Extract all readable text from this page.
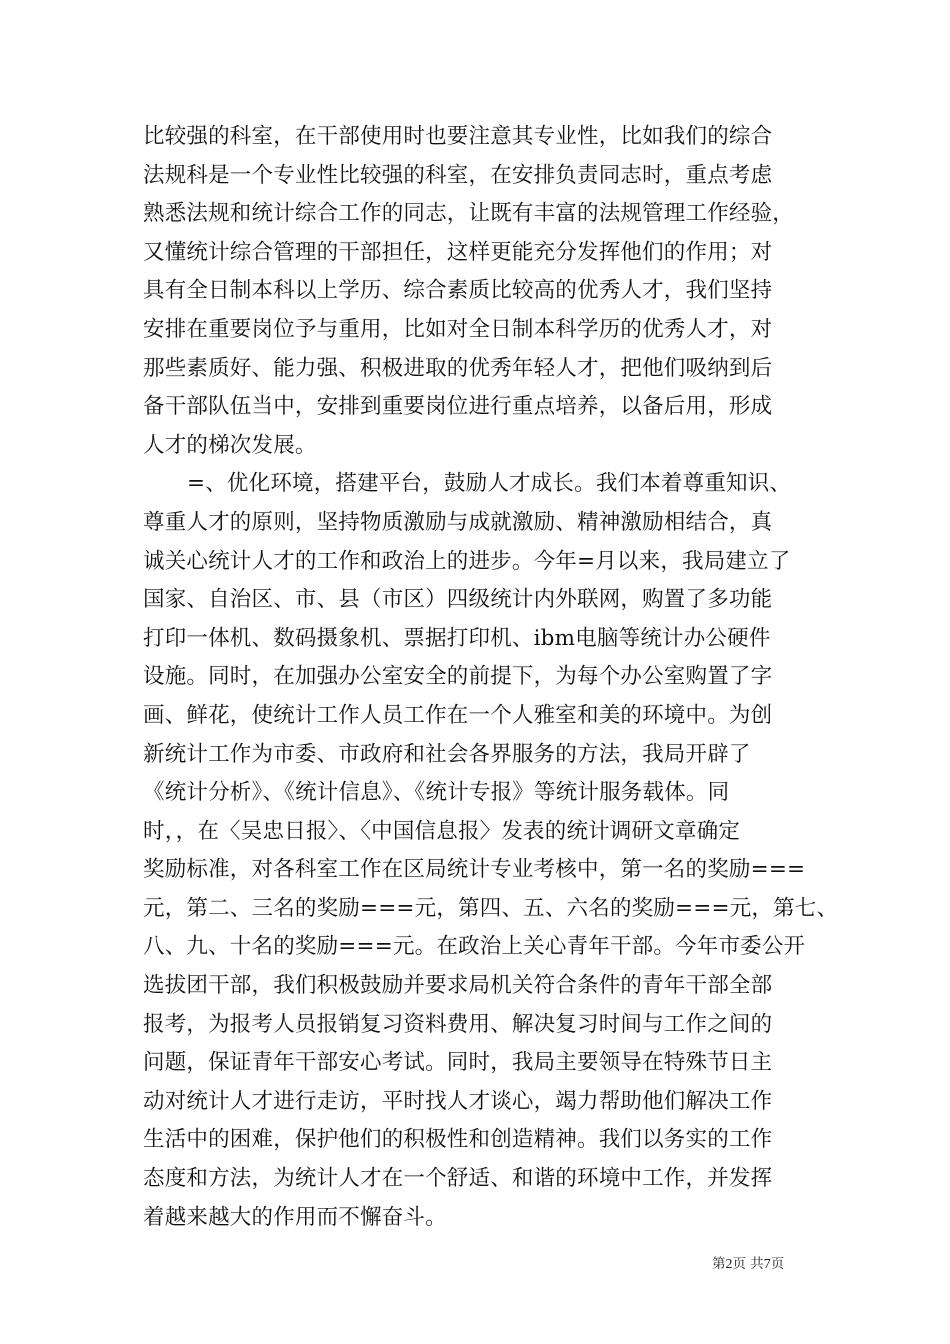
比较强的科室，在干部使用时也要注意其专业性，比如我们的综合
法规科是一个专业性比较强的科室，在安排负责同志时，重点考虑
熟悉法规和统计综合工作的同志，让既有丰富的法规管理工作经验，
又懂统计综合管理的干部担任，这样更能充分发挥他们的作用；对
具有全日制本科以上学历、综合素质比较高的优秀人才，我们坚持
安排在重要岗位予与重用，比如对全日制本科学历的优秀人才，对
那些素质好、能力强、积极进取的优秀年轻人才，把他们吸纳到后
备干部队伍当中，安排到重要岗位进行重点培养，以备后用，形成
人才的梯次发展。
=、优化环境，搭建平台，鼓励人才成长。我们本着尊重知识、
尊重人才的原则，坚持物质激励与成就激励、精神激励相结合，真
诚关心统计人才的工作和政治上的进步。今年=月以来，我局建立了
国家、自治区、市、县（市区）四级统计内外联网，购置了多功能
打印一体机、数码摄象机、票据打印机、ibm电脑等统计办公硬件
设施。同时，在加强办公室安全的前提下，为每个办公室购置了字
画、鲜花，使统计工作人员工作在一个人雅室和美的环境中。为创
新统计工作为市委、市政府和社会各界服务的方法，我局开辟了
《统计分析》、《统计信息》、《统计专报》等统计服务载体。同
时，，在〈吴忠日报〉、〈中国信息报〉发表的统计调研文章确定
奖励标准，对各科室工作在区局统计专业考核中，第一名的奖励===
元，第二、三名的奖励===元，第四、五、六名的奖励===元，第七、
八、九、十名的奖励===元。在政治上关心青年干部。今年市委公开
选拔团干部，我们积极鼓励并要求局机关符合条件的青年干部全部
报考，为报考人员报销复习资料费用、解决复习时间与工作之间的
问题，保证青年干部安心考试。同时，我局主要领导在特殊节日主
动对统计人才进行走访，平时找人才谈心，竭力帮助他们解决工作
生活中的困难，保护他们的积极性和创造精神。我们以务实的工作
态度和方法，为统计人才在一个舒适、和谐的环境中工作，并发挥
着越来越大的作用而不懈奋斗。
第2页 共7页
